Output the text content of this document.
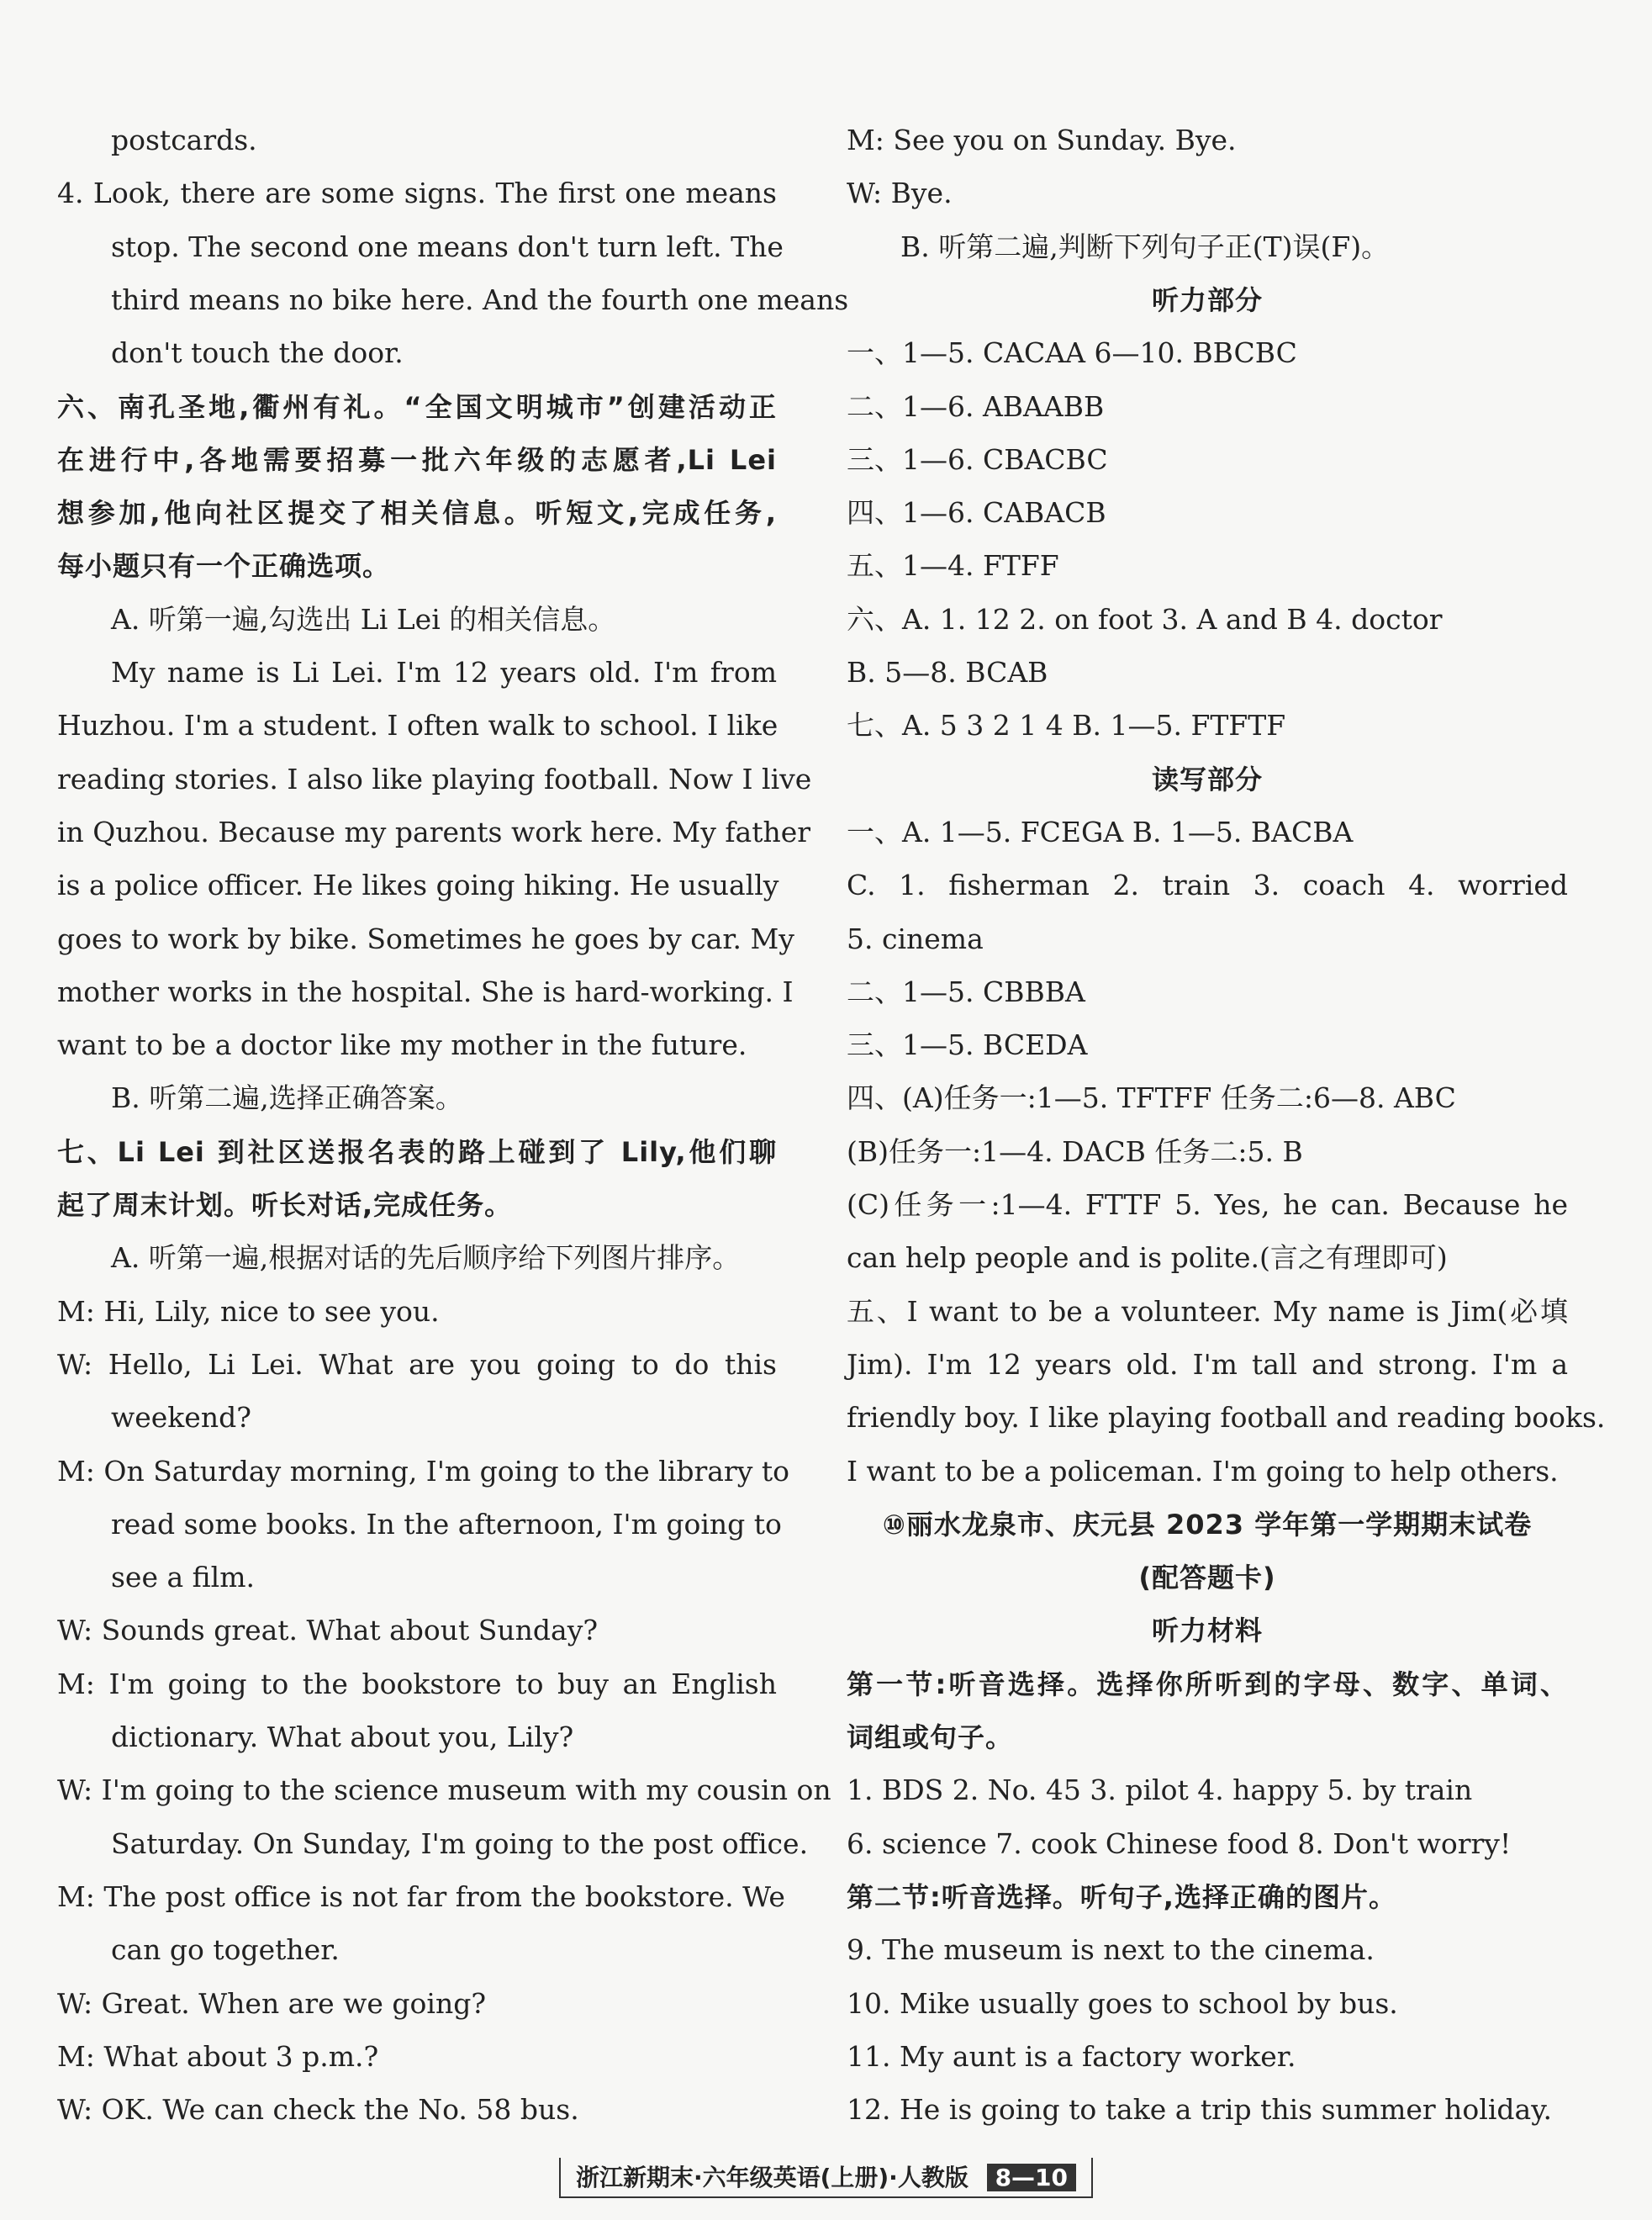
postcards.
4. Look, there are some signs. The first one means
stop. The second one means don't turn left. The
third means no bike here. And the fourth one means
don't touch the door.
六、南孔圣地,衢州有礼。“全国文明城市”创建活动正
在进行中,各地需要招募一批六年级的志愿者,Li Lei
想参加,他向社区提交了相关信息。听短文,完成任务,
每小题只有一个正确选项。
A. 听第一遍,勾选出 Li Lei 的相关信息。
My name is Li Lei. I'm 12 years old. I'm from
Huzhou. I'm a student. I often walk to school. I like
reading stories. I also like playing football. Now I live
in Quzhou. Because my parents work here. My father
is a police officer. He likes going hiking. He usually
goes to work by bike. Sometimes he goes by car. My
mother works in the hospital. She is hard-working. I
want to be a doctor like my mother in the future.
B. 听第二遍,选择正确答案。
七、Li Lei 到社区送报名表的路上碰到了 Lily,他们聊
起了周末计划。听长对话,完成任务。
A. 听第一遍,根据对话的先后顺序给下列图片排序。
M: Hi, Lily, nice to see you.
W: Hello, Li Lei. What are you going to do this
weekend?
M: On Saturday morning, I'm going to the library to
read some books. In the afternoon, I'm going to
see a film.
W: Sounds great. What about Sunday?
M: I'm going to the bookstore to buy an English
dictionary. What about you, Lily?
W: I'm going to the science museum with my cousin on
Saturday. On Sunday, I'm going to the post office.
M: The post office is not far from the bookstore. We
can go together.
W: Great. When are we going?
M: What about 3 p.m.?
W: OK. We can check the No. 58 bus.
M: See you on Sunday. Bye.
W: Bye.
B. 听第二遍,判断下列句子正(T)误(F)。
听力部分
一、1—5. CACAA 6—10. BBCBC
二、1—6. ABAABB
三、1—6. CBACBC
四、1—6. CABACB
五、1—4. FTFF
六、A. 1. 12 2. on foot 3. A and B 4. doctor
B. 5—8. BCAB
七、A. 5 3 2 1 4 B. 1—5. FTFTF
读写部分
一、A. 1—5. FCEGA B. 1—5. BACBA
C. 1. fisherman 2. train 3. coach 4. worried
5. cinema
二、1—5. CBBBA
三、1—5. BCEDA
四、(A)任务一:1—5. TFTFF 任务二:6—8. ABC
(B)任务一:1—4. DACB 任务二:5. B
(C)任务一:1—4. FTTF 5. Yes, he can. Because he
can help people and is polite.(言之有理即可)
五、I want to be a volunteer. My name is Jim(必填
Jim). I'm 12 years old. I'm tall and strong. I'm a
friendly boy. I like playing football and reading books.
I want to be a policeman. I'm going to help others.
⑩丽水龙泉市、庆元县 2023 学年第一学期期末试卷
(配答题卡)
听力材料
第一节:听音选择。选择你所听到的字母、数字、单词、
词组或句子。
1. BDS 2. No. 45 3. pilot 4. happy 5. by train
6. science 7. cook Chinese food 8. Don't worry!
第二节:听音选择。听句子,选择正确的图片。
9. The museum is next to the cinema.
10. Mike usually goes to school by bus.
11. My aunt is a factory worker.
12. He is going to take a trip this summer holiday.
浙江新期末·六年级英语(上册)·人教版 8—10
